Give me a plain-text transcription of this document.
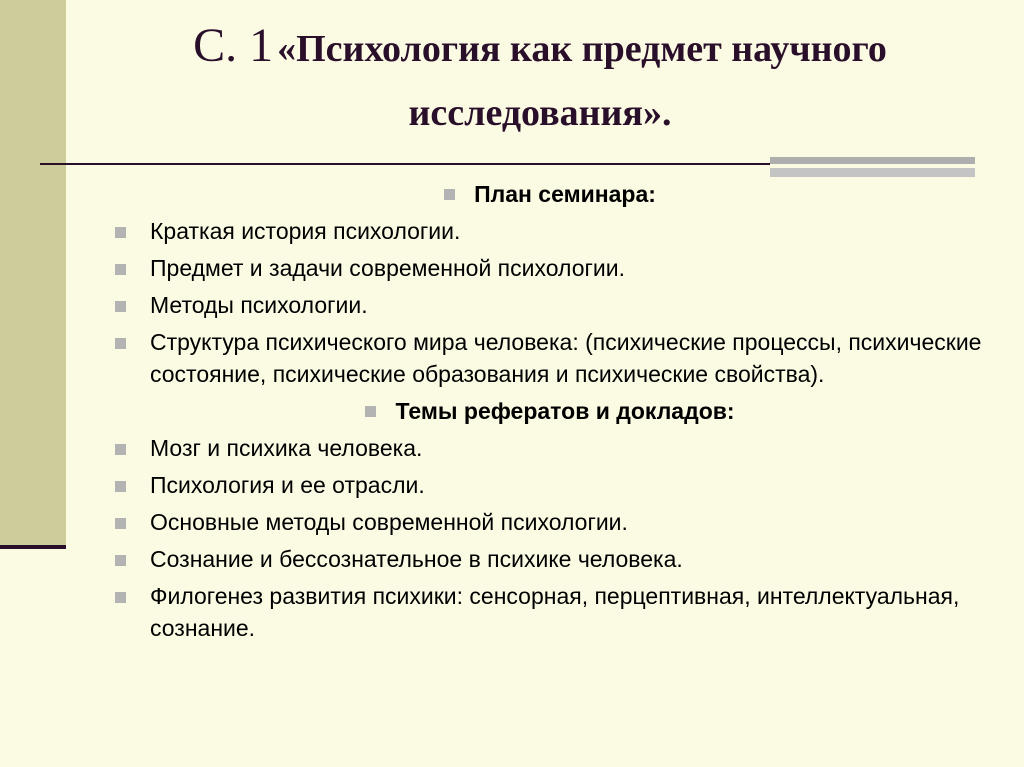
С. 1 «Психология как предмет научного исследования».
План семинара:
Краткая история психологии.
Предмет и задачи современной психологии.
Методы психологии.
Структура психического мира человека: (психические процессы, психические состояние, психические образования и психические свойства).
Темы рефератов и докладов:
Мозг и психика человека.
Психология и ее отрасли.
Основные методы современной психологии.
Сознание и бессознательное в психике человека.
Филогенез развития психики: сенсорная, перцептивная, интеллектуальная, сознание.
